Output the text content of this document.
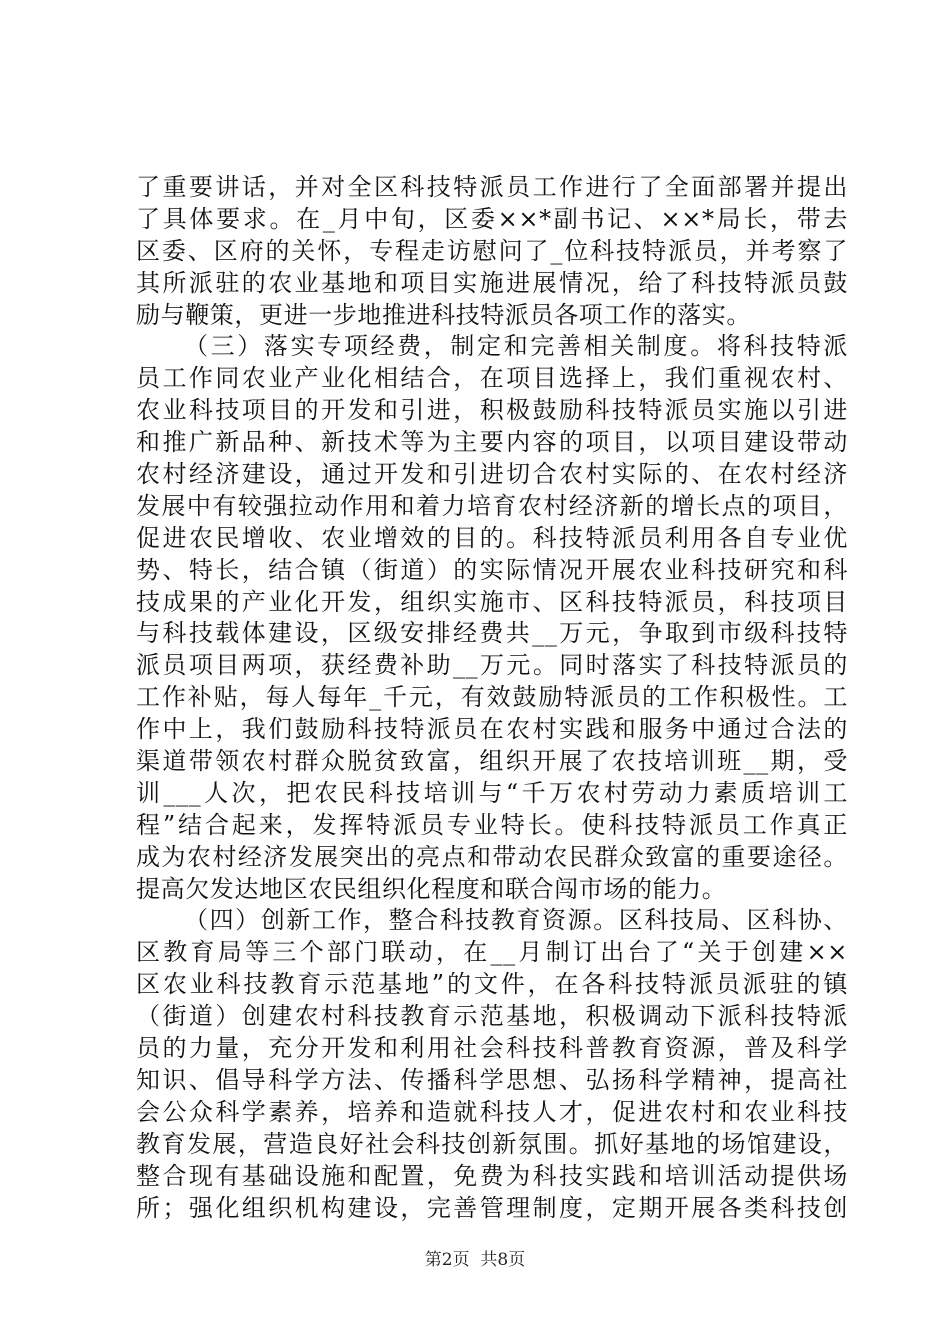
了重要讲话，并对全区科技特派员工作进行了全面部署并提出
了具体要求。在_月中旬，区委××*副书记、××*局长，带去
区委、区府的关怀，专程走访慰问了_位科技特派员，并考察了
其所派驻的农业基地和项目实施进展情况，给了科技特派员鼓
励与鞭策，更进一步地推进科技特派员各项工作的落实。
（三）落实专项经费，制定和完善相关制度。将科技特派
员工作同农业产业化相结合，在项目选择上，我们重视农村、
农业科技项目的开发和引进，积极鼓励科技特派员实施以引进
和推广新品种、新技术等为主要内容的项目，以项目建设带动
农村经济建设，通过开发和引进切合农村实际的、在农村经济
发展中有较强拉动作用和着力培育农村经济新的增长点的项目，
促进农民增收、农业增效的目的。科技特派员利用各自专业优
势、特长，结合镇（街道）的实际情况开展农业科技研究和科
技成果的产业化开发，组织实施市、区科技特派员，科技项目
与科技载体建设，区级安排经费共__万元，争取到市级科技特
派员项目两项，获经费补助__万元。同时落实了科技特派员的
工作补贴，每人每年_千元，有效鼓励特派员的工作积极性。工
作中上，我们鼓励科技特派员在农村实践和服务中通过合法的
渠道带领农村群众脱贫致富，组织开展了农技培训班__期，受
训___人次，把农民科技培训与“千万农村劳动力素质培训工
程”结合起来，发挥特派员专业特长。使科技特派员工作真正
成为农村经济发展突出的亮点和带动农民群众致富的重要途径。
提高欠发达地区农民组织化程度和联合闯市场的能力。
（四）创新工作，整合科技教育资源。区科技局、区科协、
区教育局等三个部门联动，在__月制订出台了“关于创建××
区农业科技教育示范基地”的文件，在各科技特派员派驻的镇
（街道）创建农村科技教育示范基地，积极调动下派科技特派
员的力量，充分开发和利用社会科技科普教育资源，普及科学
知识、倡导科学方法、传播科学思想、弘扬科学精神，提高社
会公众科学素养，培养和造就科技人才，促进农村和农业科技
教育发展，营造良好社会科技创新氛围。抓好基地的场馆建设，
整合现有基础设施和配置，免费为科技实践和培训活动提供场
所；强化组织机构建设，完善管理制度，定期开展各类科技创
第2页  共8页
